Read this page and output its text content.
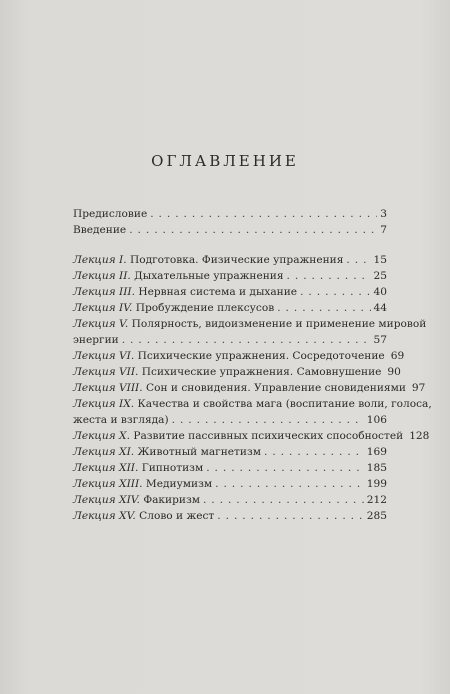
ОГЛАВЛЕНИЕ
Предисловие . . .	3
Введение . . .	7
Лекция I. Подготовка. Физические упражнения . . .	15
Лекция II. Дыхательные упражнения . . .	25
Лекция III. Нервная система и дыхание . . .	40
Лекция IV. Пробуждение плексусов . . .	44
Лекция V. Полярность, видоизменение и применение мировой
энергии . . .	57
Лекция VI. Психические упражнения. Сосредоточение 69
Лекция VII. Психические упражнения. Самовнушение 90
Лекция VIII. Сон и сновидения. Управление сновидениями 97
Лекция IX. Качества и свойства мага (воспитание воли, голоса,
жеста и взгляда) . . .	106
Лекция X. Развитие пассивных психических способностей 128
Лекция XI. Животный магнетизм . . .	169
Лекция XII. Гипнотизм . . .	185
Лекция XIII. Медиумизм . . .	199
Лекция XIV. Факиризм . . .	212
Лекция XV. Слово и жест . . .	285
